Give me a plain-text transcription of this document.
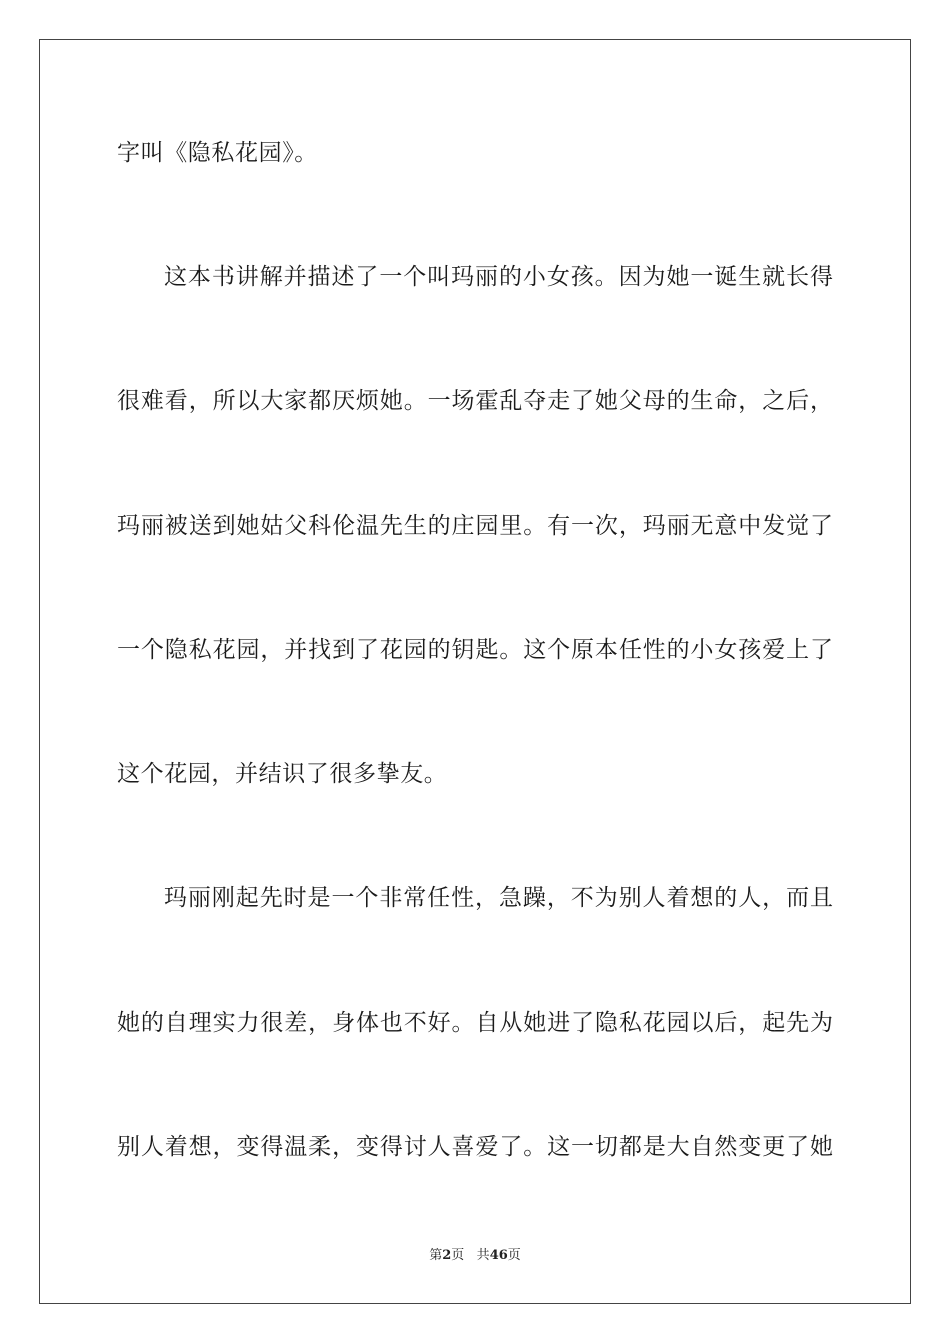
字叫《隐私花园》。
这本书讲解并描述了一个叫玛丽的小女孩。因为她一诞生就长得
很难看，所以大家都厌烦她。一场霍乱夺走了她父母的生命，之后，
玛丽被送到她姑父科伦温先生的庄园里。有一次，玛丽无意中发觉了
一个隐私花园，并找到了花园的钥匙。这个原本任性的小女孩爱上了
这个花园，并结识了很多挚友。
玛丽刚起先时是一个非常任性，急躁，不为别人着想的人，而且
她的自理实力很差，身体也不好。自从她进了隐私花园以后，起先为
别人着想，变得温柔，变得讨人喜爱了。这一切都是大自然变更了她
第2页 共46页
